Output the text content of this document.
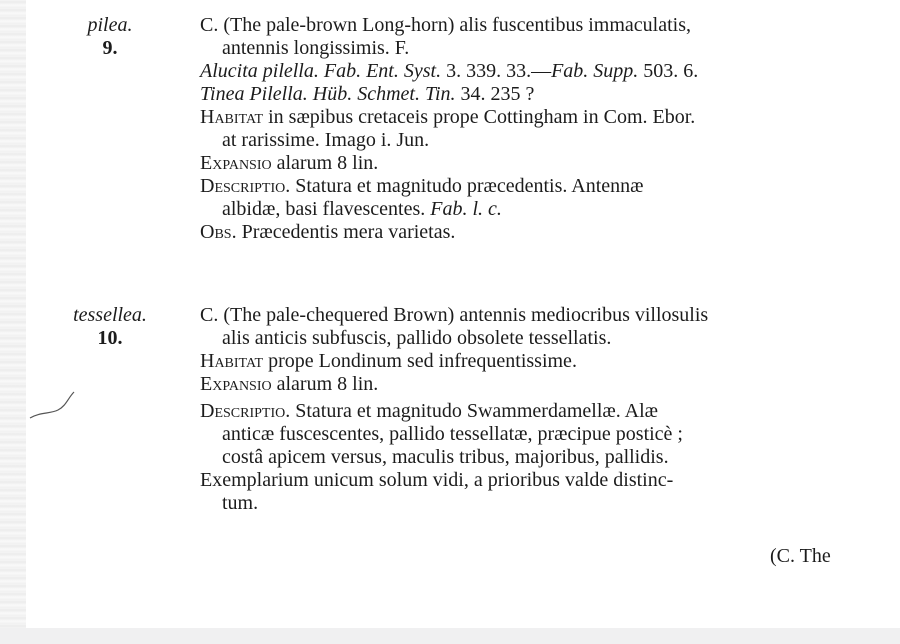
pilea.
9.
C. (The pale-brown Long-horn) alis fuscentibus immaculatis,
antennis longissimis. F.
Alucita pilella. Fab. Ent. Syst. 3. 339. 33.—Fab. Supp. 503. 6.
Tinea Pilella. Hüb. Schmet. Tin. 34. 235 ?
Habitat in sæpibus cretaceis prope Cottingham in Com. Ebor.
at rarissime. Imago i. Jun.
Expansio alarum 8 lin.
Descriptio. Statura et magnitudo præcedentis. Antennæ
albidæ, basi flavescentes. Fab. l. c.
Obs. Præcedentis mera varietas.
tessellea.
10.
C. (The pale-chequered Brown) antennis mediocribus villosulis
alis anticis subfuscis, pallido obsolete tessellatis.
Habitat prope Londinum sed infrequentissime.
Expansio alarum 8 lin.
Descriptio. Statura et magnitudo Swammerdamellæ. Alæ
anticæ fuscescentes, pallido tessellatæ, præcipue posticè ;
costâ apicem versus, maculis tribus, majoribus, pallidis.
Exemplarium unicum solum vidi, a prioribus valde distinc-
tum.
(C. The
